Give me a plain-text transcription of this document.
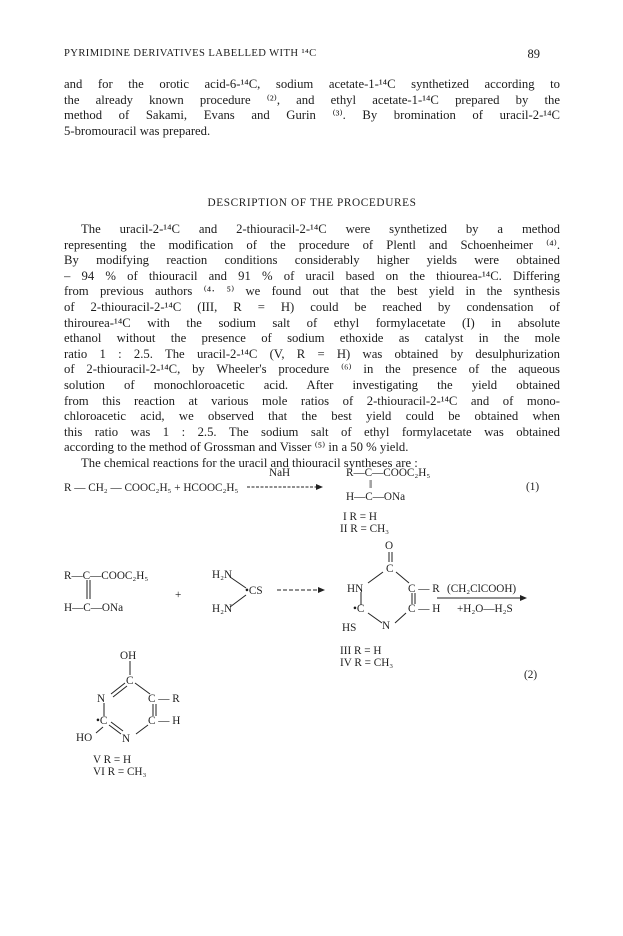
PYRIMIDINE DERIVATIVES LABELLED WITH ¹⁴C	89
and for the orotic acid-6-¹⁴C, sodium acetate-1-¹⁴C synthetized according to
the already known procedure ⁽²⁾, and ethyl acetate-1-¹⁴C prepared by the
method of Sakami, Evans and Gurin ⁽³⁾. By bromination of uracil-2-¹⁴C
5-bromouracil was prepared.
DESCRIPTION OF THE PROCEDURES
The uracil-2-¹⁴C and 2-thiouracil-2-¹⁴C were synthetized by a method
representing the modification of the procedure of Plentl and Schoenheimer ⁽⁴⁾.
By modifying reaction conditions considerably higher yields were obtained
– 94 % of thiouracil and 91 % of uracil based on the thiourea-¹⁴C. Differing
from previous authors ⁽⁴· ⁵⁾ we found out that the best yield in the synthesis
of 2-thiouracil-2-¹⁴C (III, R = H) could be reached by condensation of
thirourea-¹⁴C with the sodium salt of ethyl formylacetate (I) in absolute
ethanol without the presence of sodium ethoxide as catalyst in the mole
ratio 1 : 2.5. The uracil-2-¹⁴C (V, R = H) was obtained by desulphurization
of 2-thiouracil-2-¹⁴C, by Wheeler's procedure ⁽⁶⁾ in the presence of the aqueous
solution of monochloroacetic acid. After investigating the yield obtained
from this reaction at various mole ratios of 2-thiouracil-2-¹⁴C and of mono-
chloroacetic acid, we observed that the best yield could be obtained when
this ratio was 1 : 2.5. The sodium salt of ethyl formylacetate was obtained
according to the method of Grossman and Visser ⁽⁵⁾ in a 50 % yield.
The chemical reactions for the uracil and thiouracil syntheses are :
NaH
R — CH₂ — COOC₂H₅ + HCOOC₂H₅
R—C—COOC₂H₅
‖
H—C—ONa
(1)
I R = H
II R = CH₃
R—C—COOC₂H₅
H—C—ONa
+
H₂N
•CS
H₂N
O
C
HN	C — R
•C	C — H
HS N
(CH₂ClCOOH)
+H₂O—H₂S
III R = H
IV R = CH₃
(2)
OH
C
N	C — R
•C	C — H
HO	N
V R = H
VI R = CH₃
